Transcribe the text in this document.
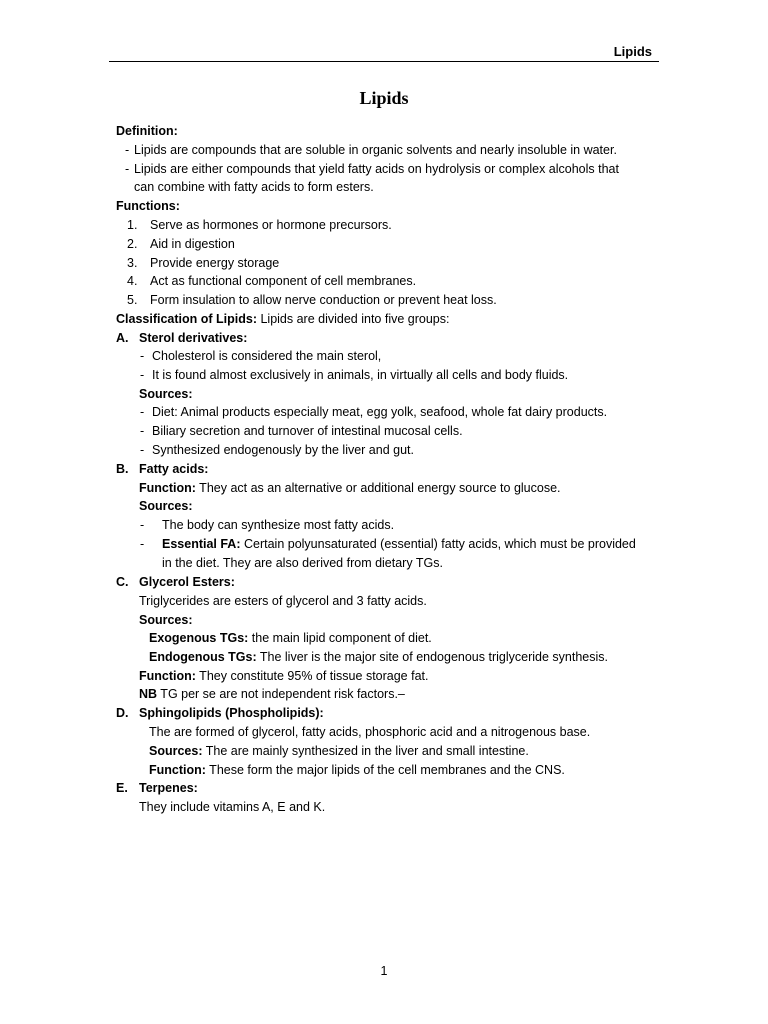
Lipids
Lipids
Definition:
- Lipids are compounds that are soluble in organic solvents and nearly insoluble in water.
- Lipids are either compounds that yield fatty acids on hydrolysis or complex alcohols that
can combine with fatty acids to form esters.
Functions:
1. Serve as hormones or hormone precursors.
2. Aid in digestion
3. Provide energy storage
4. Act as functional component of cell membranes.
5. Form insulation to allow nerve conduction or prevent heat loss.
Classification of Lipids: Lipids are divided into five groups:
A. Sterol derivatives:
- Cholesterol is considered the main sterol,
- It is found almost exclusively in animals, in virtually all cells and body fluids.
Sources:
- Diet: Animal products especially meat, egg yolk, seafood, whole fat dairy products.
- Biliary secretion and turnover of intestinal mucosal cells.
- Synthesized endogenously by the liver and gut.
B. Fatty acids:
Function: They act as an alternative or additional energy source to glucose.
Sources:
- The body can synthesize most fatty acids.
- Essential FA: Certain polyunsaturated (essential) fatty acids, which must be provided
in the diet. They are also derived from dietary TGs.
C. Glycerol Esters:
Triglycerides are esters of glycerol and 3 fatty acids.
Sources:
Exogenous TGs: the main lipid component of diet.
Endogenous TGs: The liver is the major site of endogenous triglyceride synthesis.
Function: They constitute 95% of tissue storage fat.
NB TG per se are not independent risk factors.–
D. Sphingolipids (Phospholipids):
The are formed of glycerol, fatty acids, phosphoric acid and a nitrogenous base.
Sources: The are mainly synthesized in the liver and small intestine.
Function: These form the major lipids of the cell membranes and the CNS.
E. Terpenes:
They include vitamins A, E and K.
1
